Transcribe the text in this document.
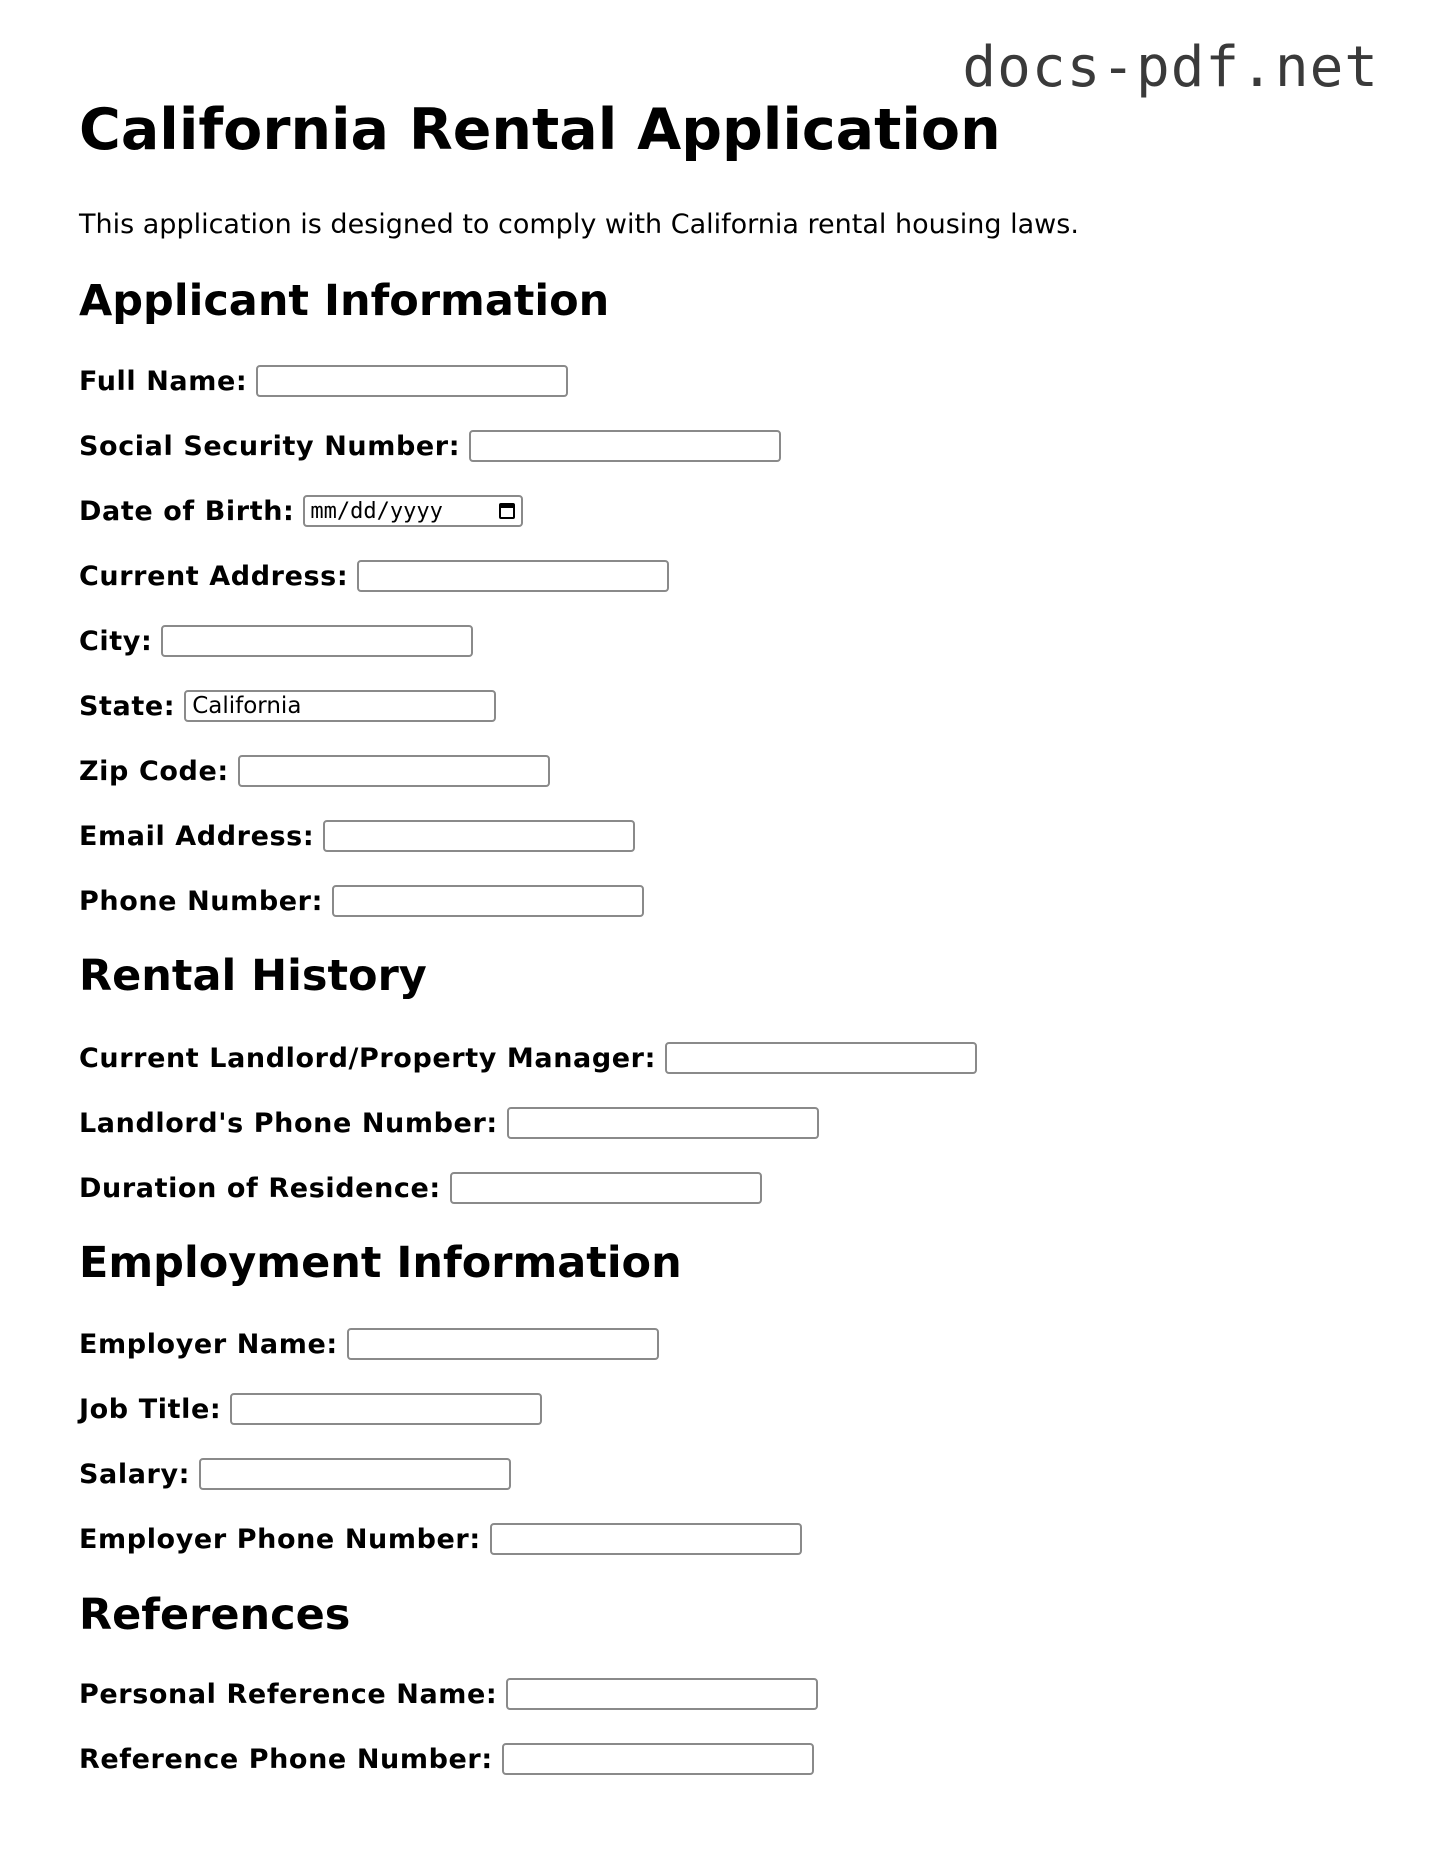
docs-pdf.net
California Rental Application
This application is designed to comply with California rental housing laws.
Applicant Information
Full Name:
Social Security Number:
Date of Birth: mm/dd/yyyy
Current Address:
City:
State: California
Zip Code:
Email Address:
Phone Number:
Rental History
Current Landlord/Property Manager:
Landlord's Phone Number:
Duration of Residence:
Employment Information
Employer Name:
Job Title:
Salary:
Employer Phone Number:
References
Personal Reference Name:
Reference Phone Number:
